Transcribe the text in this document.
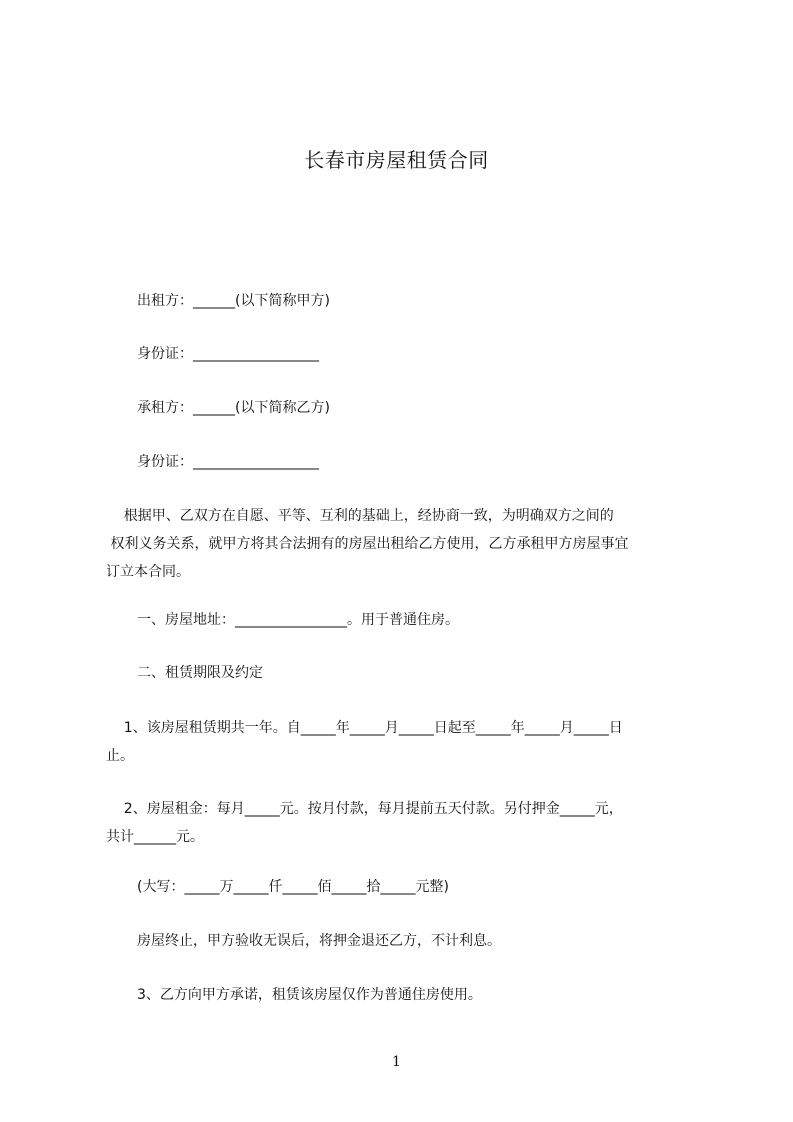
长春市房屋租赁合同
出租方：______(以下简称甲方)
身份证：__________________
承租方：______(以下简称乙方)
身份证：__________________
根据甲、乙双方在自愿、平等、互利的基础上，经协商一致，为明确双方之间的
权利义务关系，就甲方将其合法拥有的房屋出租给乙方使用，乙方承租甲方房屋事宜
订立本合同。
一、房屋地址：________________。用于普通住房。
二、租赁期限及约定
1、该房屋租赁期共一年。自_____年_____月_____日起至_____年_____月_____日
止。
2、房屋租金：每月_____元。按月付款，每月提前五天付款。另付押金_____元，
共计______元。
(大写：_____万_____仟_____佰_____拾_____元整)
房屋终止，甲方验收无误后，将押金退还乙方，不计利息。
3、乙方向甲方承诺，租赁该房屋仅作为普通住房使用。
1
